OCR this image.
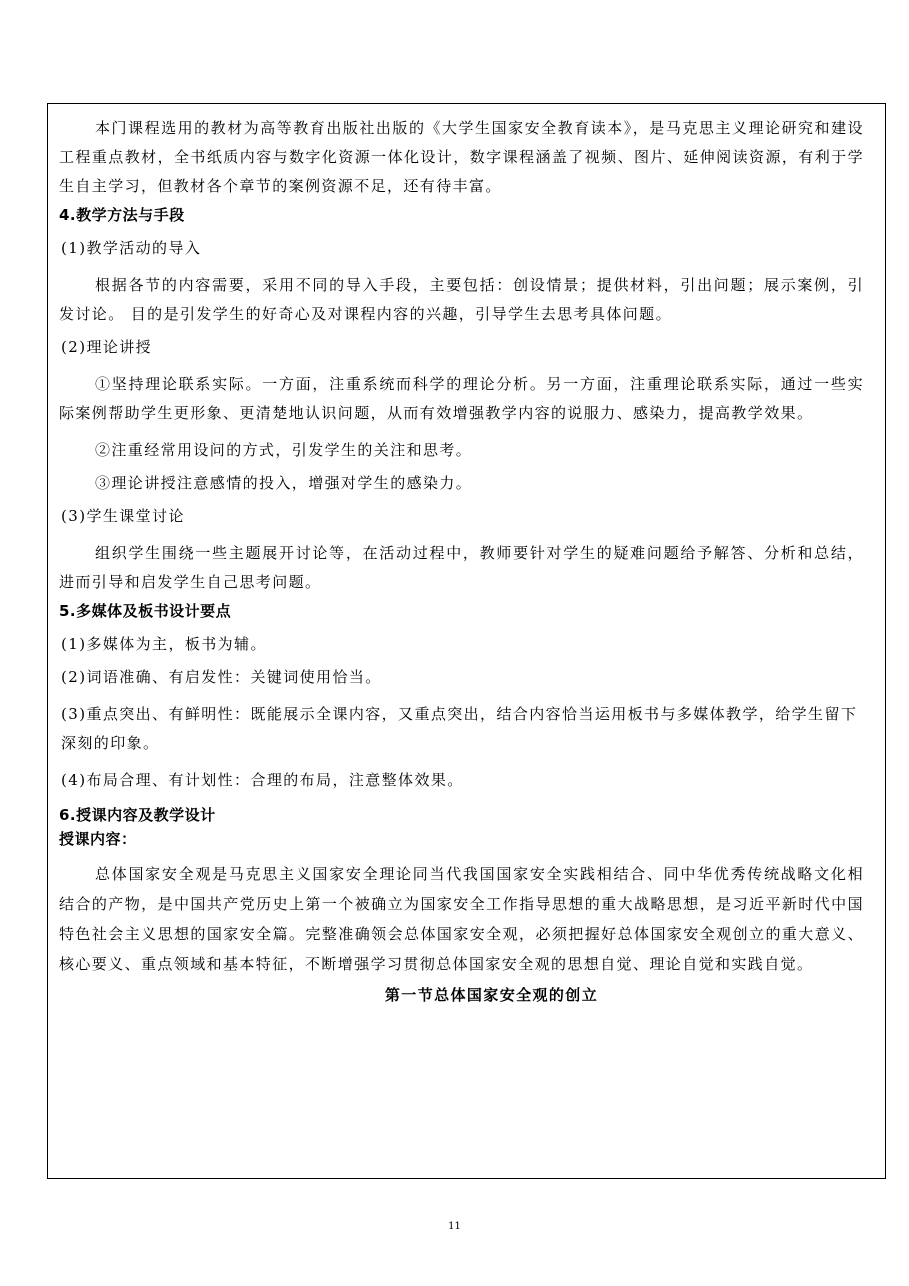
本门课程选用的教材为高等教育出版社出版的《大学生国家安全教育读本》，是马克思主义理论研究和建设工程重点教材，全书纸质内容与数字化资源一体化设计，数字课程涵盖了视频、图片、延伸阅读资源，有利于学生自主学习，但教材各个章节的案例资源不足，还有待丰富。

4.教学方法与手段

(1)教学活动的导入

根据各节的内容需要，采用不同的导入手段，主要包括：创设情景；提供材料，引出问题；展示案例，引发讨论。 目的是引发学生的好奇心及对课程内容的兴趣，引导学生去思考具体问题。

(2)理论讲授

①坚持理论联系实际。一方面，注重系统而科学的理论分析。另一方面，注重理论联系实际，通过一些实际案例帮助学生更形象、更清楚地认识问题，从而有效增强教学内容的说服力、感染力，提高教学效果。

②注重经常用设问的方式，引发学生的关注和思考。

③理论讲授注意感情的投入，增强对学生的感染力。

(3)学生课堂讨论

组织学生围绕一些主题展开讨论等，在活动过程中，教师要针对学生的疑难问题给予解答、分析和总结，进而引导和启发学生自己思考问题。

5.多媒体及板书设计要点

(1)多媒体为主，板书为辅。

(2)词语准确、有启发性：关键词使用恰当。

(3)重点突出、有鲜明性：既能展示全课内容，又重点突出，结合内容恰当运用板书与多媒体教学，给学生留下深刻的印象。

(4)布局合理、有计划性：合理的布局，注意整体效果。

6.授课内容及教学设计

授课内容：

总体国家安全观是马克思主义国家安全理论同当代我国国家安全实践相结合、同中华优秀传统战略文化相结合的产物，是中国共产党历史上第一个被确立为国家安全工作指导思想的重大战略思想，是习近平新时代中国特色社会主义思想的国家安全篇。完整准确领会总体国家安全观，必须把握好总体国家安全观创立的重大意义、核心要义、重点领域和基本特征，不断增强学习贯彻总体国家安全观的思想自觉、理论自觉和实践自觉。

第一节总体国家安全观的创立

11
